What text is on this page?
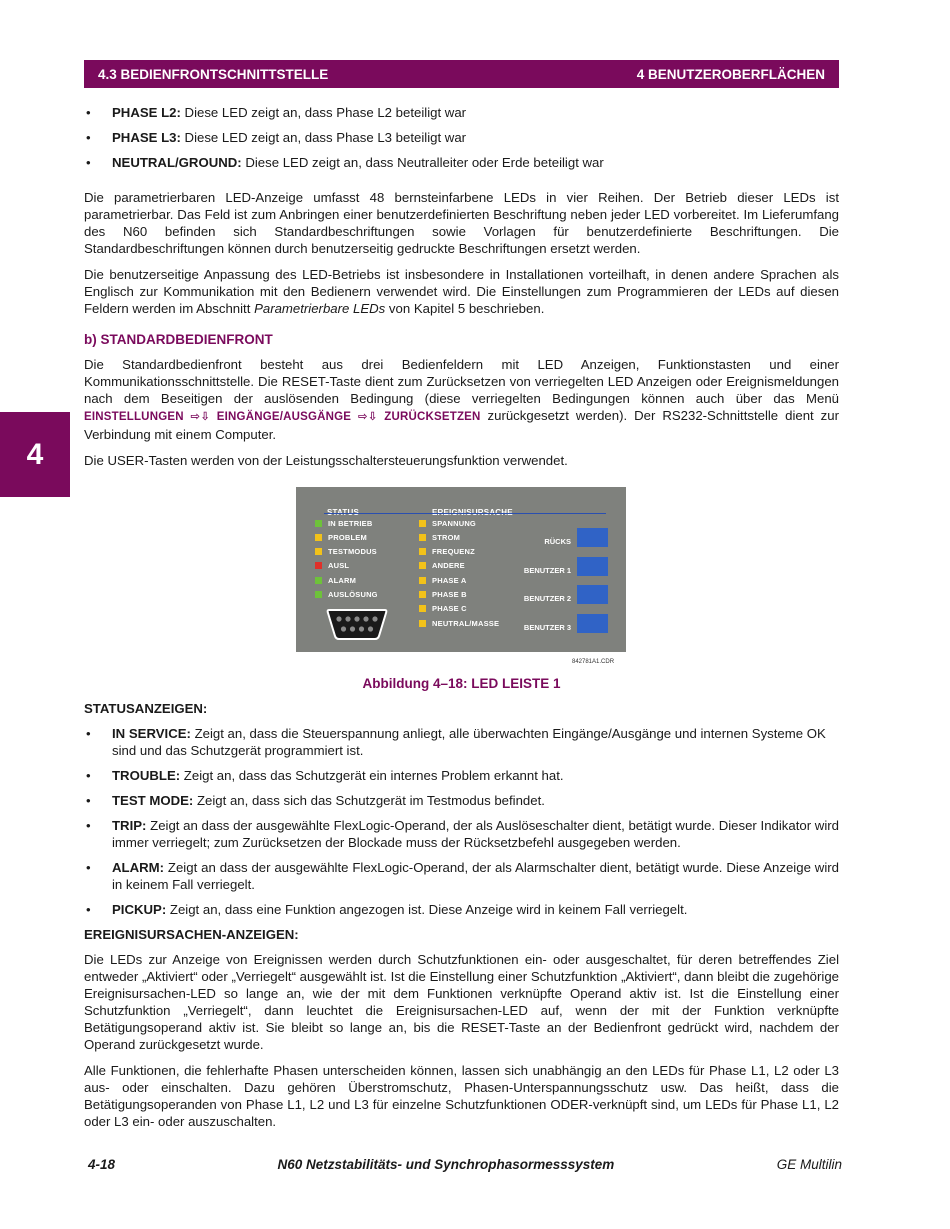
4.3 BEDIENFRONTSCHNITTSTELLE	4 BENUTZEROBERFLÄCHEN
4
• PHASE L2: Diese LED zeigt an, dass Phase L2 beteiligt war
• PHASE L3: Diese LED zeigt an, dass Phase L3 beteiligt war
• NEUTRAL/GROUND: Diese LED zeigt an, dass Neutralleiter oder Erde beteiligt war

Die parametrierbaren LED-Anzeige umfasst 48 bernsteinfarbene LEDs in vier Reihen. Der Betrieb dieser LEDs ist parametrierbar. Das Feld ist zum Anbringen einer benutzerdefinierten Beschriftung neben jeder LED vorbereitet. Im Lieferumfang des N60 befinden sich Standardbeschriftungen sowie Vorlagen für benutzerdefinierte Beschriftungen. Die Standardbeschriftungen können durch benutzerseitig gedruckte Beschriftungen ersetzt werden.

Die benutzerseitige Anpassung des LED-Betriebs ist insbesondere in Installationen vorteilhaft, in denen andere Sprachen als Englisch zur Kommunikation mit den Bedienern verwendet wird. Die Einstellungen zum Programmieren der LEDs auf diesen Feldern werden im Abschnitt Parametrierbare LEDs von Kapitel 5 beschrieben.

b) STANDARDBEDIENFRONT

Die Standardbedienfront besteht aus drei Bedienfeldern mit LED Anzeigen, Funktionstasten und einer Kommunikationsschnittstelle. Die RESET-Taste dient zum Zurücksetzen von verriegelten LED Anzeigen oder Ereignismeldungen nach dem Beseitigen der auslösenden Bedingung (diese verriegelten Bedingungen können auch über das Menü EINSTELLUNGEN ⇨⇩ EINGÄNGE/AUSGÄNGE ⇨⇩ ZURÜCKSETZEN zurückgesetzt werden). Der RS232-Schnittstelle dient zur Verbindung mit einem Computer.

Die USER-Tasten werden von der Leistungsschaltersteuerungsfunktion verwendet.

IN BETRIEB
PROBLEM
TESTMODUS
AUSL
ALARM
AUSLÖSUNG
SPANNUNG
STROM
FREQUENZ
ANDERE
PHASE A
PHASE B
PHASE C
NEUTRAL/MASSE
RÜCKS
BENUTZER 1
BENUTZER 2
BENUTZER 3
842781A1.CDR
Abbildung 4–18: LED LEISTE 1
STATUSANZEIGEN:
• IN SERVICE: Zeigt an, dass die Steuerspannung anliegt, alle überwachten Eingänge/Ausgänge und internen Systeme OK sind und das Schutzgerät programmiert ist.
• TROUBLE: Zeigt an, dass das Schutzgerät ein internes Problem erkannt hat.
• TEST MODE: Zeigt an, dass sich das Schutzgerät im Testmodus befindet.
• TRIP: Zeigt an dass der ausgewählte FlexLogic-Operand, der als Auslöseschalter dient, betätigt wurde. Dieser Indikator wird immer verriegelt; zum Zurücksetzen der Blockade muss der Rücksetzbefehl ausgegeben werden.
• ALARM: Zeigt an dass der ausgewählte FlexLogic-Operand, der als Alarmschalter dient, betätigt wurde. Diese Anzeige wird in keinem Fall verriegelt.
• PICKUP: Zeigt an, dass eine Funktion angezogen ist. Diese Anzeige wird in keinem Fall verriegelt.
EREIGNISURSACHEN-ANZEIGEN:

Die LEDs zur Anzeige von Ereignissen werden durch Schutzfunktionen ein- oder ausgeschaltet, für deren betreffendes Ziel entweder „Aktiviert“ oder „Verriegelt“ ausgewählt ist. Ist die Einstellung einer Schutzfunktion „Aktiviert“, dann bleibt die zugehörige Ereignisursachen-LED so lange an, wie der mit dem Funktionen verknüpfte Operand aktiv ist. Ist die Einstellung einer Schutzfunktion „Verriegelt“, dann leuchtet die Ereignisursachen-LED auf, wenn der mit der Funktion verknüpfte Betätigungsoperand aktiv ist. Sie bleibt so lange an, bis die RESET-Taste an der Bedienfront gedrückt wird, nachdem der Operand zurückgesetzt wurde.

Alle Funktionen, die fehlerhafte Phasen unterscheiden können, lassen sich unabhängig an den LEDs für Phase L1, L2 oder L3 aus- oder einschalten. Dazu gehören Überstromschutz, Phasen-Unterspannungsschutz usw. Das heißt, dass die Betätigungsoperanden von Phase L1, L2 und L3 für einzelne Schutzfunktionen ODER-verknüpft sind, um LEDs für Phase L1, L2 oder L3 ein- oder auszuschalten.

4-18	N60 Netzstabilitäts- und Synchrophasormesssystem	GE Multilin
